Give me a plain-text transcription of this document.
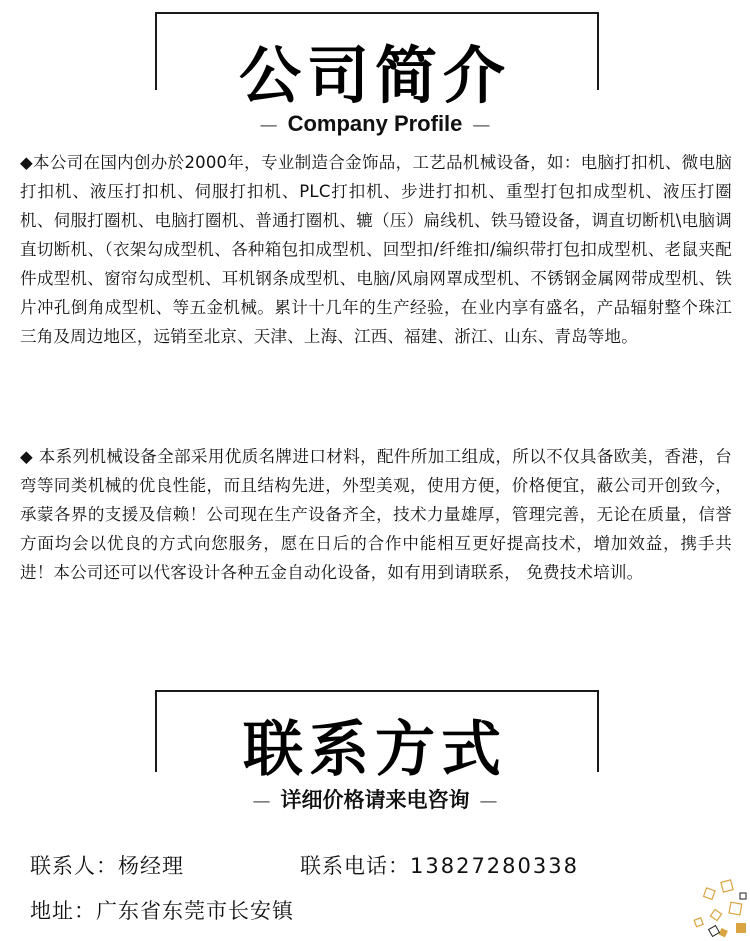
公司简介
— Company Profile —

◆本公司在国内创办於2000年，专业制造合金饰品，工艺品机械设备，如：电脑打扣机、微电脑打扣机、液压打扣机、伺服打扣机、PLC打扣机、步进打扣机、重型打包扣成型机、液压打圈机、伺服打圈机、电脑打圈机、普通打圈机、辘（压）扁线机、铁马镫设备，调直切断机\电脑调直切断机、（衣架勾成型机、各种箱包扣成型机、回型扣/纤维扣/编织带打包扣成型机、老鼠夹配件成型机、窗帘勾成型机、耳机钢条成型机、电脑/风扇网罩成型机、不锈钢金属网带成型机、铁片冲孔倒角成型机、等五金机械。累计十几年的生产经验，在业内享有盛名，产品辐射整个珠江三角及周边地区，远销至北京、天津、上海、江西、福建、浙江、山东、青岛等地。

◆ 本系列机械设备全部采用优质名牌进口材料，配件所加工组成，所以不仅具备欧美，香港，台弯等同类机械的优良性能，而且结构先进，外型美观，使用方便，价格便宜，蔽公司开创致今，承蒙各界的支援及信赖！公司现在生产设备齐全，技术力量雄厚，管理完善，无论在质量，信誉方面均会以优良的方式向您服务，愿在日后的合作中能相互更好提高技术，增加效益，携手共进！本公司还可以代客设计各种五金自动化设备，如有用到请联系， 免费技术培训。

联系方式
— 详细价格请来电咨询 —
联系人：杨经理	联系电话：13827280338
地址：广东省东莞市长安镇
